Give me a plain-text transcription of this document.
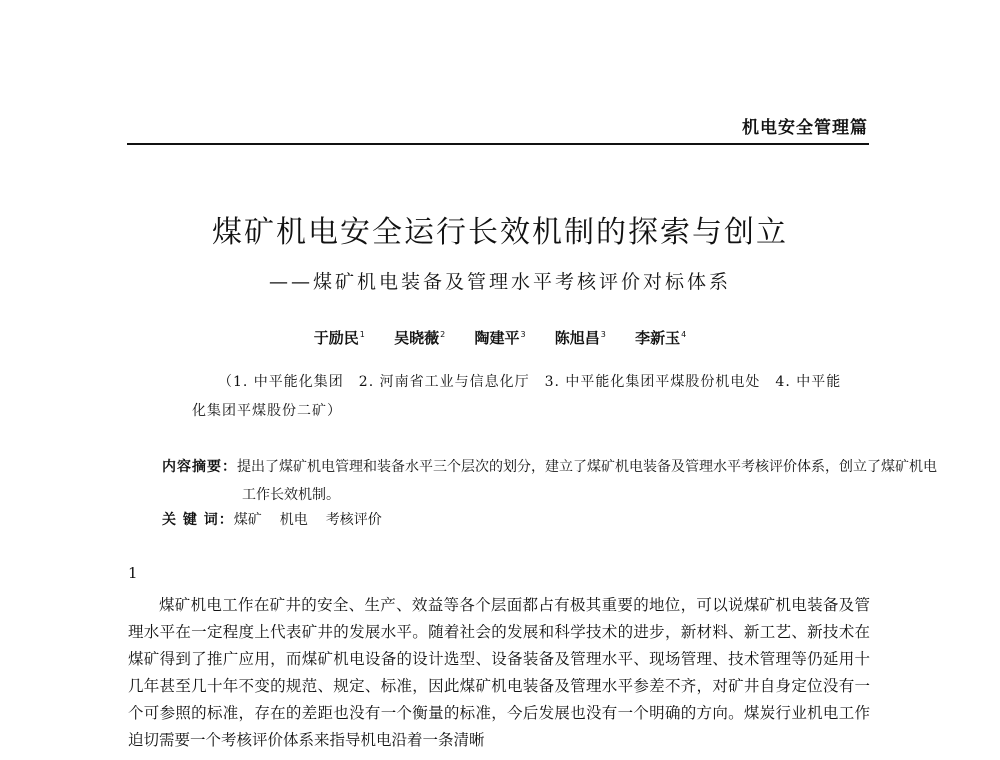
机电安全管理篇
煤矿机电安全运行长效机制的探索与创立
——煤矿机电装备及管理水平考核评价对标体系
于励民$^1$ 吴晓薇$^2$ 陶建平$^3$ 陈旭昌$^3$ 李新玉$^4$
（1. 中平能化集团　2. 河南省工业与信息化厅　3. 中平能化集团平煤股份机电处　4. 中平能化集团平煤股份二矿）
内容摘要：提出了煤矿机电管理和装备水平三个层次的划分，建立了煤矿机电装备及管理水平考核评价体系，创立了煤矿机电工作长效机制。
关 键 词：煤矿 机电 考核评价
1
煤矿机电工作在矿井的安全、生产、效益等各个层面都占有极其重要的地位，可以说煤矿机电装备及管理水平在一定程度上代表矿井的发展水平。随着社会的发展和科学技术的进步，新材料、新工艺、新技术在煤矿得到了推广应用，而煤矿机电设备的设计选型、设备装备及管理水平、现场管理、技术管理等仍延用十几年甚至几十年不变的规范、规定、标准，因此煤矿机电装备及管理水平参差不齐，对矿井自身定位没有一个可参照的标准，存在的差距也没有一个衡量的标准，今后发展也没有一个明确的方向。煤炭行业机电工作迫切需要一个考核评价体系来指导机电沿着一条清晰
